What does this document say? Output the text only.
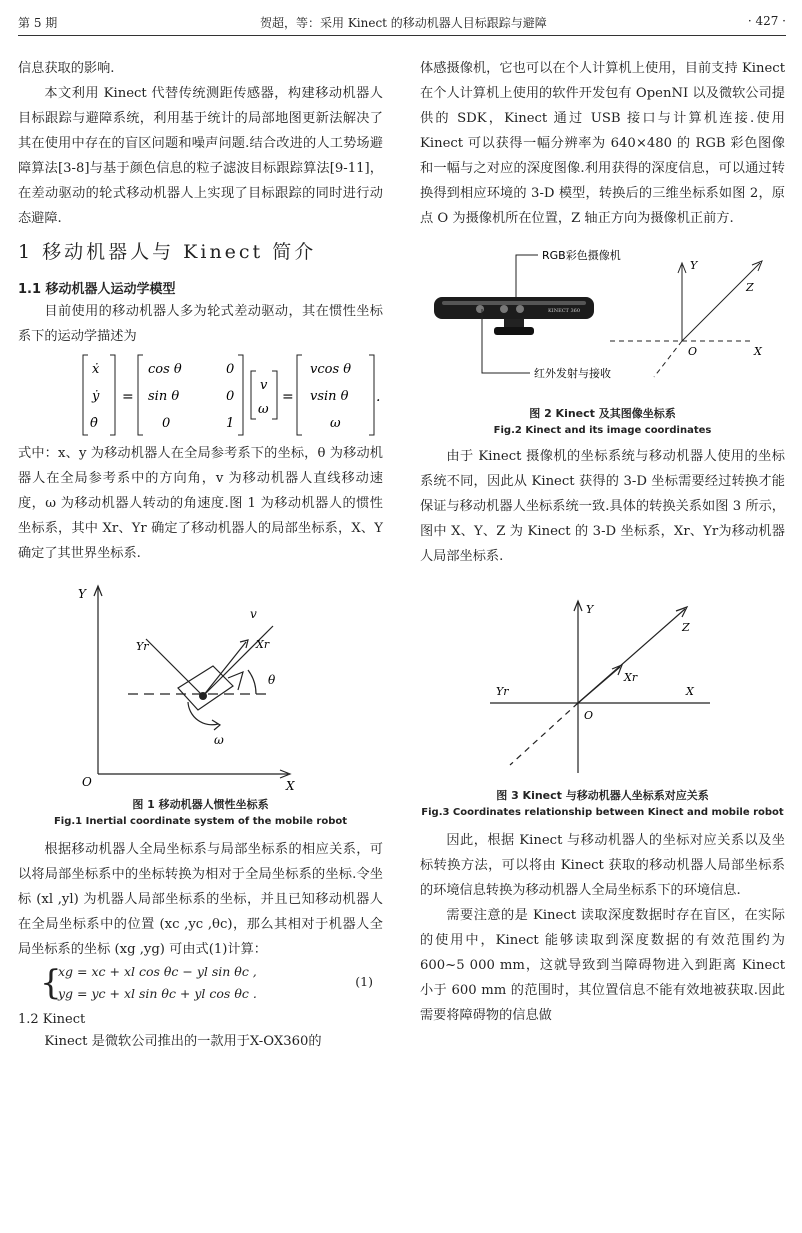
第 5 期	贺超，等：采用 Kinect 的移动机器人目标跟踪与避障	· 427 ·

信息获取的影响.

本文利用 Kinect 代替传统测距传感器，构建移动机器人目标跟踪与避障系统，利用基于统计的局部地图更新法解决了其在使用中存在的盲区问题和噪声问题.结合改进的人工势场避障算法[3-8]与基于颜色信息的粒子滤波目标跟踪算法[9-11]，在差动驱动的轮式移动机器人上实现了目标跟踪的同时进行动态避障.

1 移动机器人与 Kinect 简介
1.1 移动机器人运动学模型

目前使用的移动机器人多为轮式差动驱动，其在惯性坐标系下的运动学描述为

=	=	.
ẋ
ẏ
θ̇
cos θ	0
sin θ	0
0	1
v
ω
vcos θ
vsin θ
ω

式中：x、y 为移动机器人在全局参考系下的坐标，θ 为移动机器人在全局参考系中的方向角，v 为移动机器人直线移动速度，ω 为移动机器人转动的角速度.图 1 为移动机器人的惯性坐标系，其中 Xr、Yr 确定了移动机器人的局部坐标系，X、Y 确定了其世界坐标系.

Y
X
O
v
θ
ω
Yr	Xr
图 1 移动机器人惯性坐标系
Fig.1 Inertial coordinate system of the mobile robot

根据移动机器人全局坐标系与局部坐标系的相应关系，可以将局部坐标系中的坐标转换为相对于全局坐标系的坐标.令坐标 (xl ,yl) 为机器人局部坐标系的坐标，并且已知移动机器人在全局坐标系中的位置 (xc ,yc ,θc)，那么其相对于机器人全局坐标系的坐标 (xg ,yg) 可由式(1)计算：

{
xg = xc + xl cos θc − yl sin θc ,
yg = yc + xl sin θc + yl cos θc .
(1)
1.2 Kinect

Kinect 是微软公司推出的一款用于X-OX360的

体感摄像机，它也可以在个人计算机上使用，目前支持 Kinect 在个人计算机上使用的软件开发包有 OpenNI 以及微软公司提供的 SDK，Kinect 通过 USB 接口与计算机连接.使用 Kinect 可以获得一幅分辨率为 640×480 的 RGB 彩色图像和一幅与之对应的深度图像.利用获得的深度信息，可以通过转换得到相应环境的 3-D 模型，转换后的三维坐标系如图 2，原点 O 为摄像机所在位置，Z 轴正方向为摄像机正前方.

KINECT 360
RGB彩色摄像机
红外发射与接收
Y
Z
O	X
图 2 Kinect 及其图像坐标系
Fig.2 Kinect and its image coordinates

由于 Kinect 摄像机的坐标系统与移动机器人使用的坐标系统不同，因此从 Kinect 获得的 3-D 坐标需要经过转换才能保证与移动机器人坐标系统一致.具体的转换关系如图 3 所示，图中 X、Y、Z 为 Kinect 的 3-D 坐标系，Xr、Yr为移动机器人局部坐标系.

Y
Z
Xr
Yr	X
O
图 3 Kinect 与移动机器人坐标系对应关系
Fig.3 Coordinates relationship between Kinect and mobile robot

因此，根据 Kinect 与移动机器人的坐标对应关系以及坐标转换方法，可以将由 Kinect 获取的移动机器人局部坐标系的环境信息转换为移动机器人全局坐标系下的环境信息.

需要注意的是 Kinect 读取深度数据时存在盲区，在实际的使用中，Kinect 能够读取到深度数据的有效范围约为 600~5 000 mm，这就导致到当障碍物进入到距离 Kinect 小于 600 mm 的范围时，其位置信息不能有效地被获取.因此需要将障碍物的信息做
